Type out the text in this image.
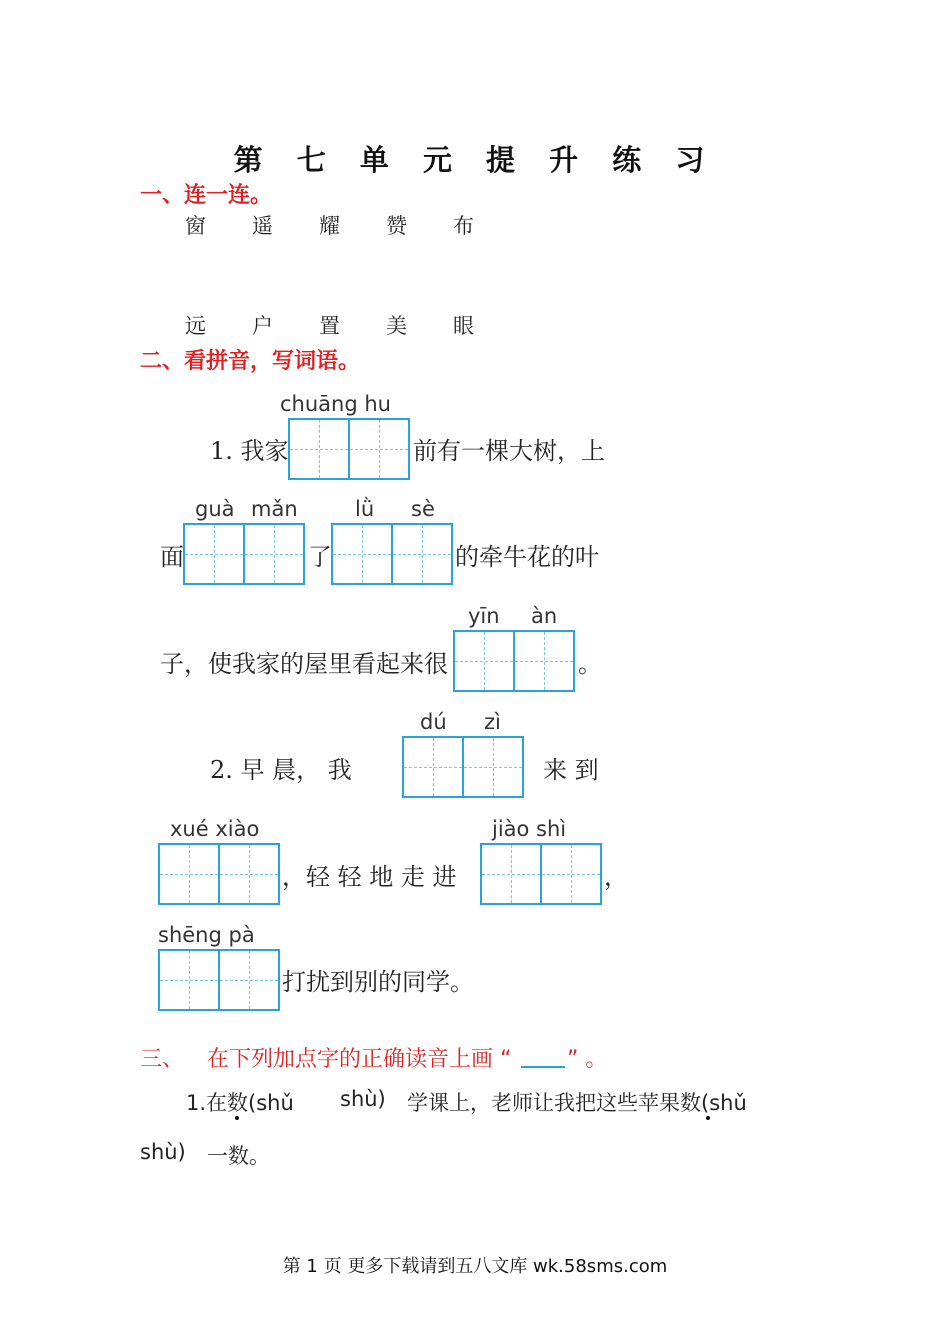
第 七 单 元 提 升 练 习
一、连一连。
窗 遥 耀 赞 布
远 户 置 美 眼
二、看拼音，写词语。
chuāng hu
1. 我家	前有一棵大树，上
面
guà mǎn
了
lǜ sè
的牵牛花的叶
子，使我家的屋里看起来很
yīn àn
。
2. 早 晨， 我
dú zì
来 到
xué xiào
，轻 轻 地 走 进
jiào shì
，
shēng pà
打扰到别的同学。
三、 在下列加点字的正确读音上画 “	” 。
1.在数(shǔ shù) 学课上，老师让我把这些苹果数(shǔ
shù) 一数。
第 1 页 更多下载请到五八文库 wk.58sms.com
